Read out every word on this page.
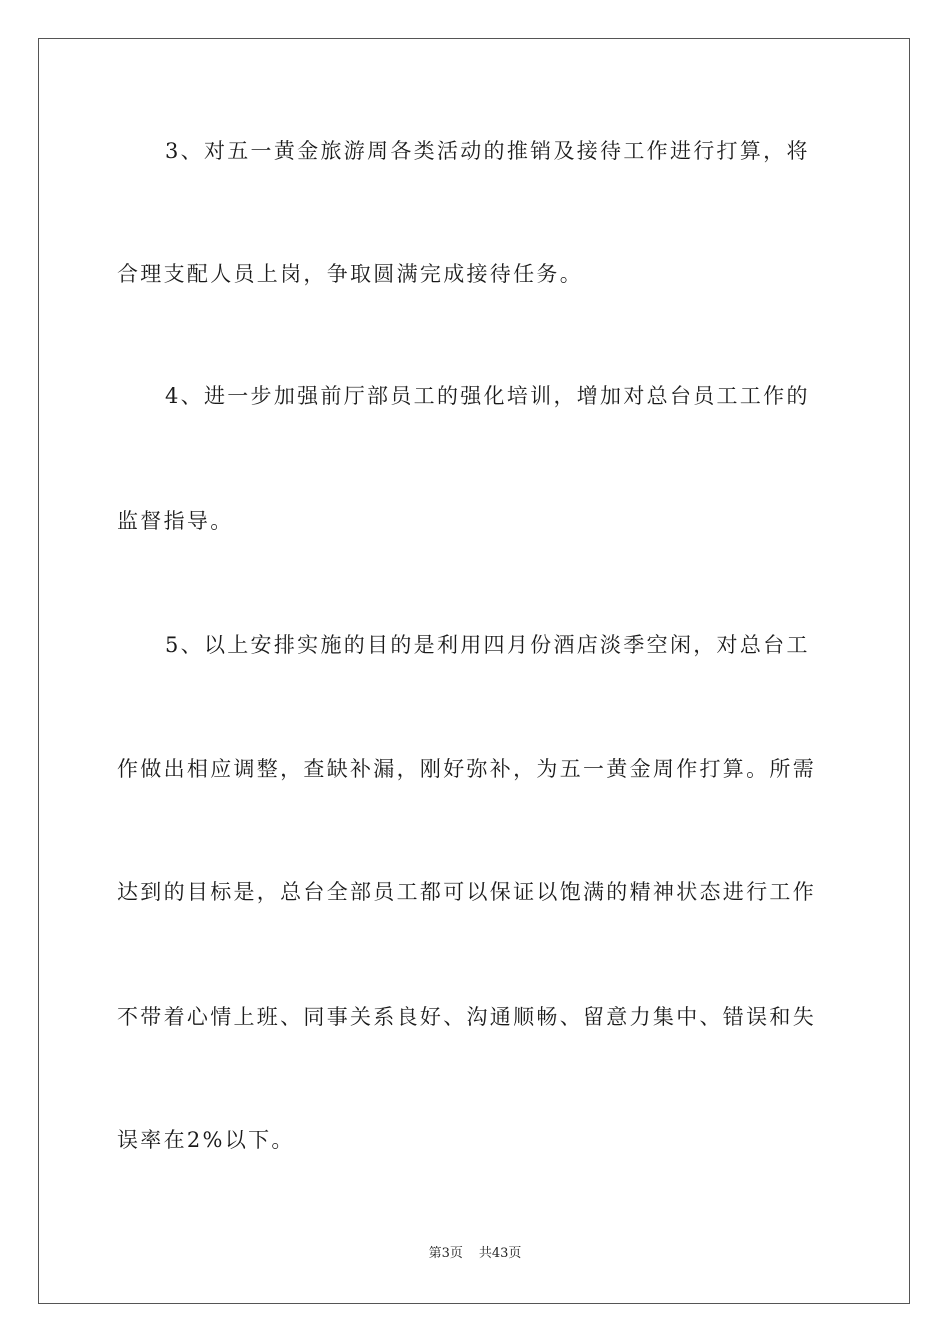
3、对五一黄金旅游周各类活动的推销及接待工作进行打算，将
合理支配人员上岗，争取圆满完成接待任务。
4、进一步加强前厅部员工的强化培训，增加对总台员工工作的
监督指导。
5、以上安排实施的目的是利用四月份酒店淡季空闲，对总台工
作做出相应调整，查缺补漏，刚好弥补，为五一黄金周作打算。所需
达到的目标是，总台全部员工都可以保证以饱满的精神状态进行工作
不带着心情上班、同事关系良好、沟通顺畅、留意力集中、错误和失
误率在2%以下。
第3页 共43页
